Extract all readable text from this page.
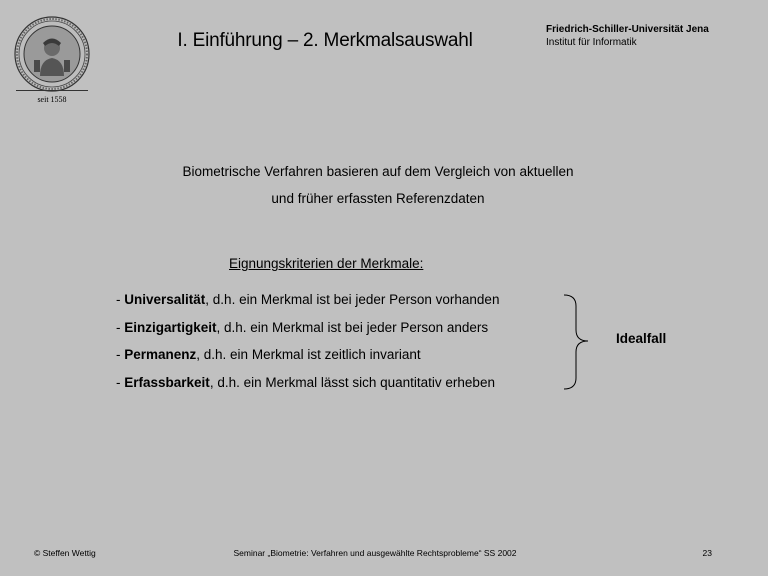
seit 1558
I. Einführung – 2. Merkmalsauswahl
Friedrich-Schiller-Universität Jena
Institut für Informatik
Biometrische Verfahren basieren auf dem Vergleich von aktuellen
und früher erfassten Referenzdaten
Eignungskriterien der Merkmale:
- Universalität, d.h. ein Merkmal ist bei jeder Person vorhanden
- Einzigartigkeit, d.h. ein Merkmal ist bei jeder Person anders
- Permanenz, d.h. ein Merkmal ist zeitlich invariant
- Erfassbarkeit, d.h. ein Merkmal lässt sich quantitativ erheben
Idealfall
© Steffen Wettig	Seminar „Biometrie: Verfahren und ausgewählte Rechtsprobleme“ SS 2002	23
